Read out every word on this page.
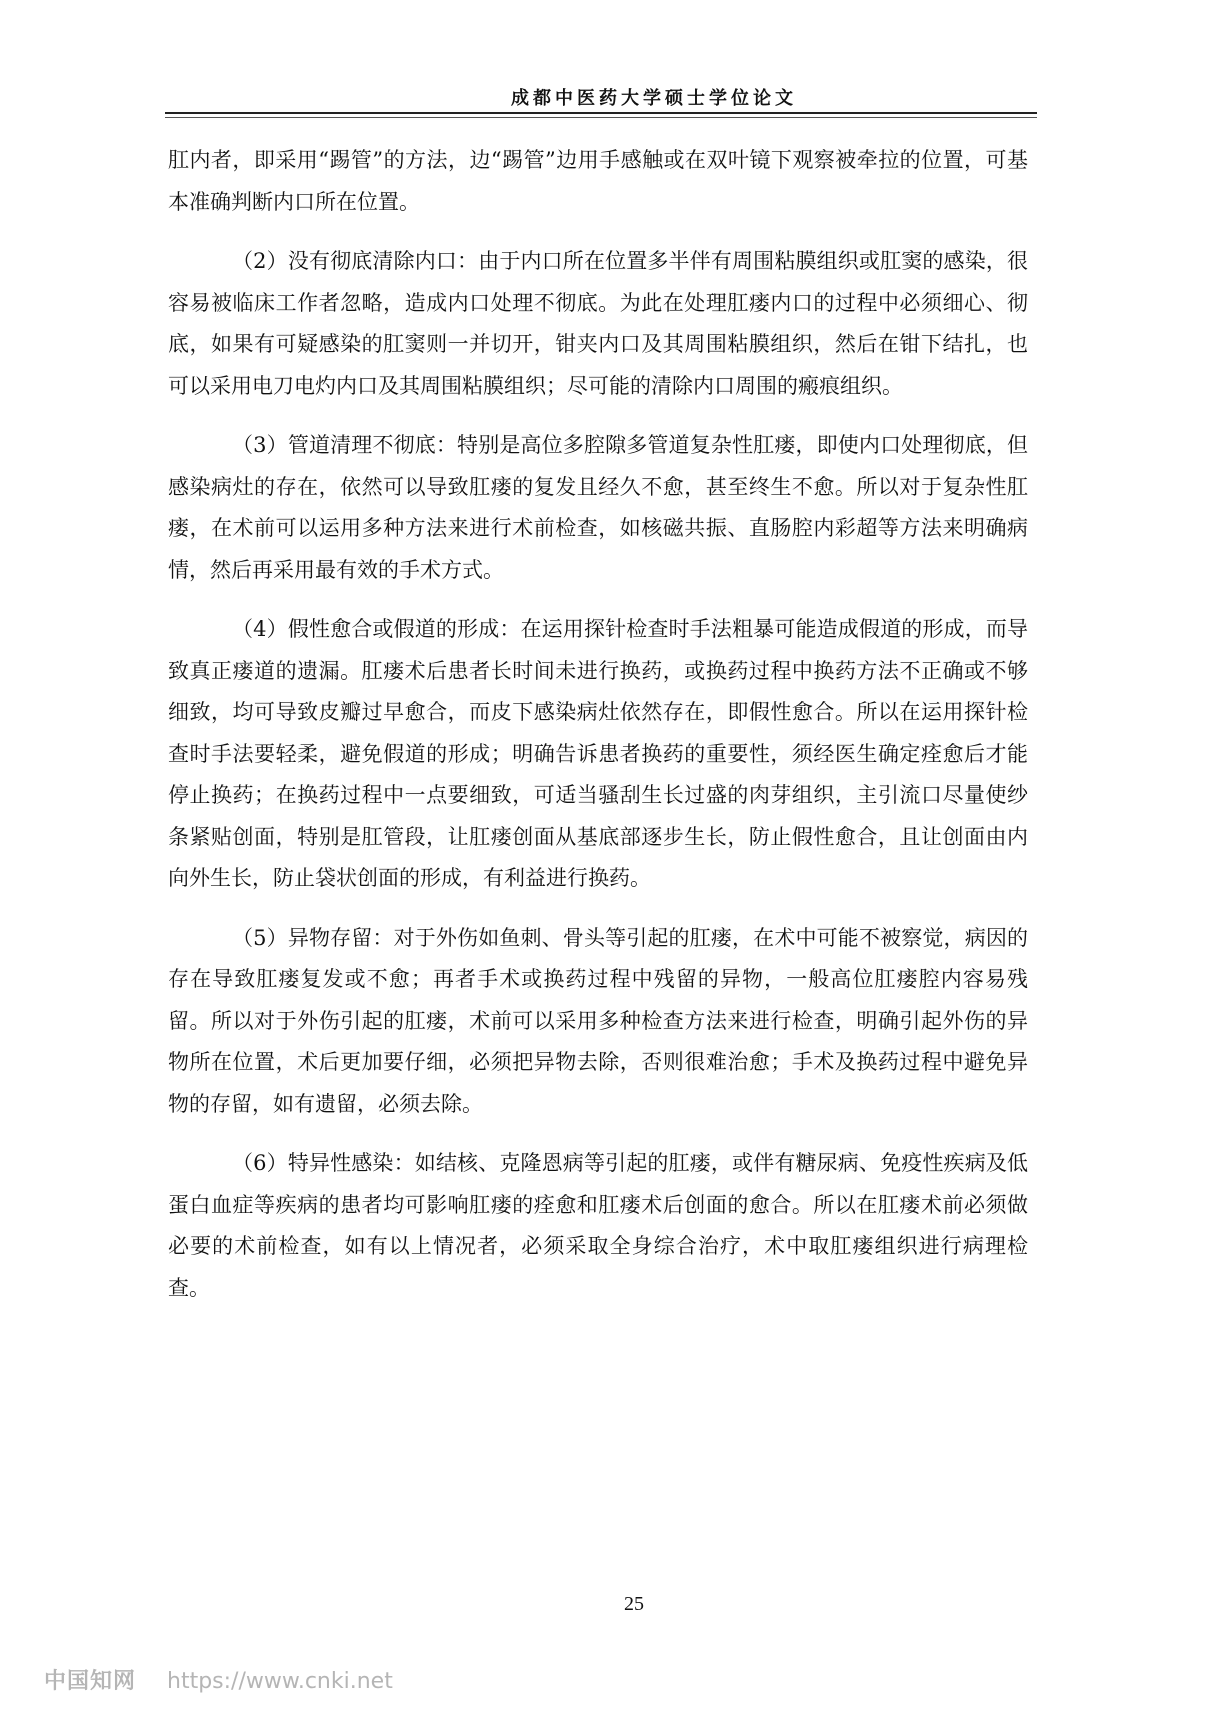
成都中医药大学硕士学位论文

肛内者，即采用“踢管”的方法，边“踢管”边用手感触或在双叶镜下观察被牵拉的位置，可基本准确判断内口所在位置。

（2）没有彻底清除内口：由于内口所在位置多半伴有周围粘膜组织或肛窦的感染，很容易被临床工作者忽略，造成内口处理不彻底。为此在处理肛瘘内口的过程中必须细心、彻底，如果有可疑感染的肛窦则一并切开，钳夹内口及其周围粘膜组织，然后在钳下结扎，也可以采用电刀电灼内口及其周围粘膜组织；尽可能的清除内口周围的瘢痕组织。

（3）管道清理不彻底：特别是高位多腔隙多管道复杂性肛瘘，即使内口处理彻底，但感染病灶的存在，依然可以导致肛瘘的复发且经久不愈，甚至终生不愈。所以对于复杂性肛瘘，在术前可以运用多种方法来进行术前检查，如核磁共振、直肠腔内彩超等方法来明确病情，然后再采用最有效的手术方式。

（4）假性愈合或假道的形成：在运用探针检查时手法粗暴可能造成假道的形成，而导致真正瘘道的遗漏。肛瘘术后患者长时间未进行换药，或换药过程中换药方法不正确或不够细致，均可导致皮瓣过早愈合，而皮下感染病灶依然存在，即假性愈合。所以在运用探针检查时手法要轻柔，避免假道的形成；明确告诉患者换药的重要性，须经医生确定痊愈后才能停止换药；在换药过程中一点要细致，可适当骚刮生长过盛的肉芽组织，主引流口尽量使纱条紧贴创面，特别是肛管段，让肛瘘创面从基底部逐步生长，防止假性愈合，且让创面由内向外生长，防止袋状创面的形成，有利益进行换药。

（5）异物存留：对于外伤如鱼刺、骨头等引起的肛瘘，在术中可能不被察觉，病因的存在导致肛瘘复发或不愈；再者手术或换药过程中残留的异物，一般高位肛瘘腔内容易残留。所以对于外伤引起的肛瘘，术前可以采用多种检查方法来进行检查，明确引起外伤的异物所在位置，术后更加要仔细，必须把异物去除，否则很难治愈；手术及换药过程中避免异物的存留，如有遗留，必须去除。

（6）特异性感染：如结核、克隆恩病等引起的肛瘘，或伴有糖尿病、免疫性疾病及低蛋白血症等疾病的患者均可影响肛瘘的痊愈和肛瘘术后创面的愈合。所以在肛瘘术前必须做必要的术前检查，如有以上情况者，必须采取全身综合治疗，术中取肛瘘组织进行病理检查。

25
中国知网 https://www.cnki.net
